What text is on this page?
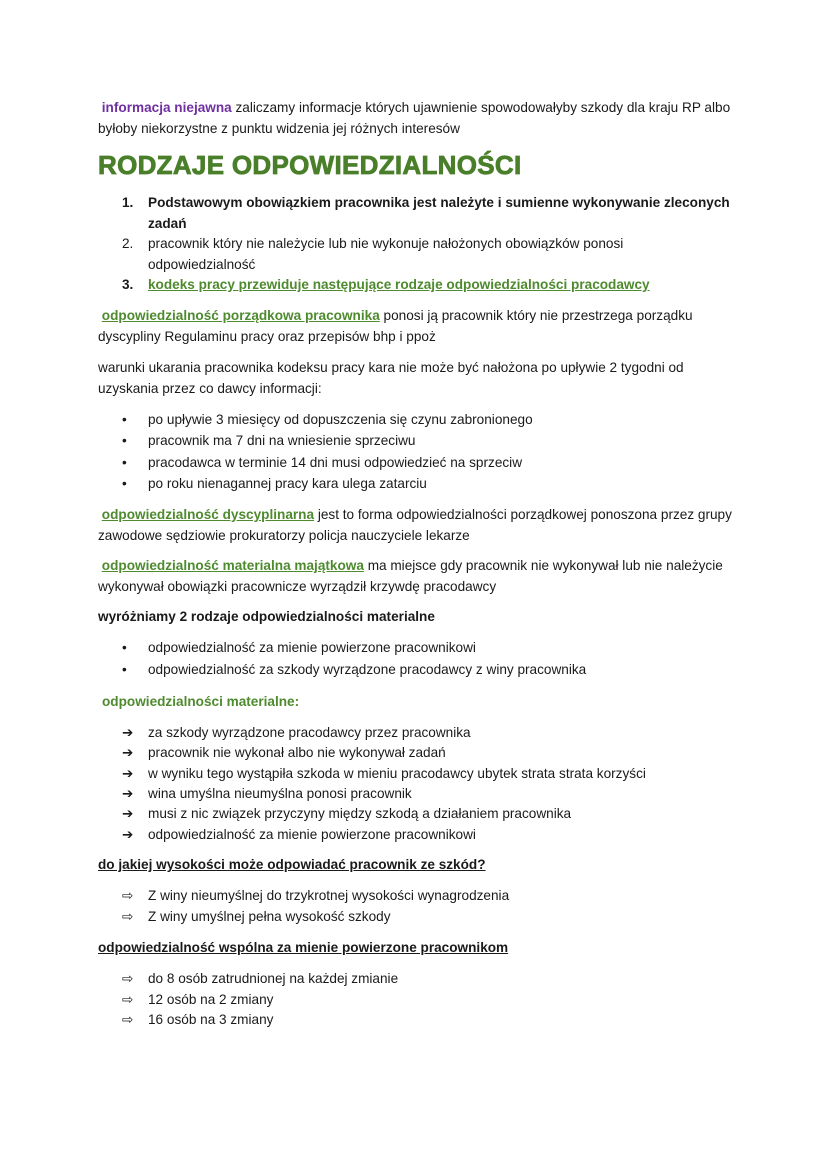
informacja niejawna zaliczamy informacje których ujawnienie spowodowałyby szkody dla kraju RP albo byłoby niekorzystne z punktu widzenia jej różnych interesów
RODZAJE ODPOWIEDZIALNOŚCI
1.	Podstawowym obowiązkiem pracownika jest należyte i sumienne wykonywanie zleconych zadań
2.	pracownik który nie należycie lub nie wykonuje nałożonych obowiązków ponosi odpowiedzialność
3.	kodeks pracy przewiduje następujące rodzaje odpowiedzialności pracodawcy
odpowiedzialność porządkowa pracownika ponosi ją pracownik który nie przestrzega porządku dyscypliny Regulaminu pracy oraz przepisów bhp i ppoż
warunki ukarania pracownika kodeksu pracy kara nie może być nałożona po upływie 2 tygodni od uzyskania przez co dawcy informacji:
•	po upływie 3 miesięcy od dopuszczenia się czynu zabronionego
•	pracownik ma 7 dni na wniesienie sprzeciwu
•	pracodawca w terminie 14 dni musi odpowiedzieć na sprzeciw
•	po roku nienagannej pracy kara ulega zatarciu
odpowiedzialność dyscyplinarna jest to forma odpowiedzialności porządkowej ponoszona przez grupy zawodowe sędziowie prokuratorzy policja nauczyciele lekarze
odpowiedzialność materialna majątkowa ma miejsce gdy pracownik nie wykonywał lub nie należycie wykonywał obowiązki pracownicze wyrządził krzywdę pracodawcy
wyróżniamy 2 rodzaje odpowiedzialności materialne
•	odpowiedzialność za mienie powierzone pracownikowi
•	odpowiedzialność za szkody wyrządzone pracodawcy z winy pracownika
odpowiedzialności materialne:
➔	za szkody wyrządzone pracodawcy przez pracownika
➔	pracownik nie wykonał albo nie wykonywał zadań
➔	w wyniku tego wystąpiła szkoda w mieniu pracodawcy ubytek strata strata korzyści
➔	wina umyślna nieumyślna ponosi pracownik
➔	musi z nic związek przyczyny między szkodą a działaniem pracownika
➔	odpowiedzialność za mienie powierzone pracownikowi
do jakiej wysokości może odpowiadać pracownik ze szkód?
⇨	Z winy nieumyślnej do trzykrotnej wysokości wynagrodzenia
⇨	Z winy umyślnej pełna wysokość szkody
odpowiedzialność wspólna za mienie powierzone pracownikom
⇨	do 8 osób zatrudnionej na każdej zmianie
⇨	12 osób na 2 zmiany
⇨	16 osób na 3 zmiany
